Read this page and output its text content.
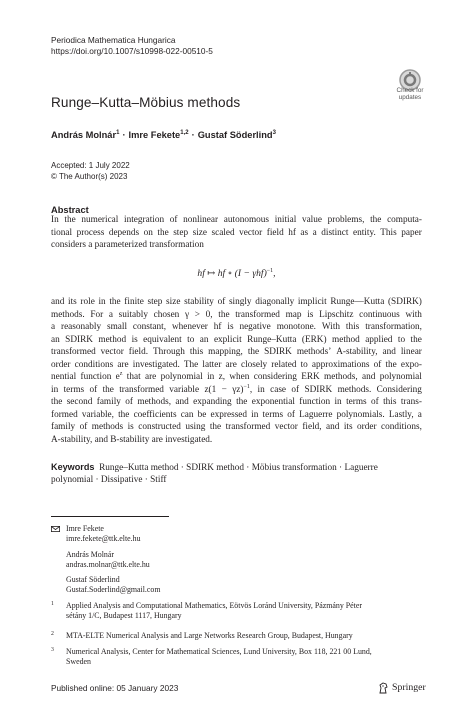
Periodica Mathematica Hungarica
https://doi.org/10.1007/s10998-022-00510-5
Check for
updates
Runge–Kutta–Möbius methods
András Molnár$^1$ · Imre Fekete$^{1,2}$ · Gustaf Söderlind$^3$
Accepted: 1 July 2022
© The Author(s) 2023
Abstract
In the numerical integration of nonlinear autonomous initial value problems, the computa-
tional process depends on the step size scaled vector field hf as a distinct entity. This paper
considers a parameterized transformation
hf ↦ hf ∘ $(I - \gamma hf)^{-1}$,
and its role in the finite step size stability of singly diagonally implicit Runge—Kutta (SDIRK)
methods. For a suitably chosen γ > 0, the transformed map is Lipschitz continuous with
a reasonably small constant, whenever hf is negative monotone. With this transformation,
an SDIRK method is equivalent to an explicit Runge–Kutta (ERK) method applied to the
transformed vector field. Through this mapping, the SDIRK methods’ A-stability, and linear
order conditions are investigated. The latter are closely related to approximations of the expo-
nential function $e^z$ that are polynomial in z, when considering ERK methods, and polynomial
in terms of the transformed variable $z(1 - \gamma z)^{-1}$, in case of SDIRK methods. Considering
the second family of methods, and expanding the exponential function in terms of this trans-
formed variable, the coefficients can be expressed in terms of Laguerre polynomials. Lastly, a
family of methods is constructed using the transformed vector field, and its order conditions,
A-stability, and B-stability are investigated.
Keywords Runge–Kutta method · SDIRK method · Möbius transformation · Laguerre
polynomial · Dissipative · Stiff
Imre Fekete
imre.fekete@ttk.elte.hu
András Molnár
andras.molnar@ttk.elte.hu
Gustaf Söderlind
Gustaf.Soderlind@gmail.com
1 Applied Analysis and Computational Mathematics, Eötvös Loránd University, Pázmány Péter
sétány 1/C, Budapest 1117, Hungary
2 MTA-ELTE Numerical Analysis and Large Networks Research Group, Budapest, Hungary
3 Numerical Analysis, Center for Mathematical Sciences, Lund University, Box 118, 221 00 Lund,
Sweden
Published online: 05 January 2023	Springer
